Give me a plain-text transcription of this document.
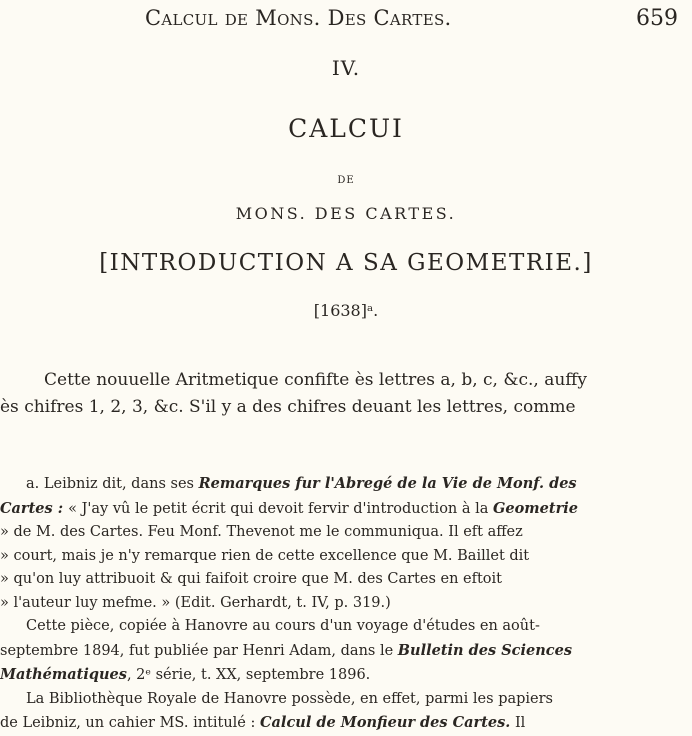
Calcul de Mons. Des Cartes.	659
IV.
CALCUI
DE
MONS. DES CARTES.
[INTRODUCTION A SA GEOMETRIE.]
[1638]ᵃ.
Cette nouuelle Aritmetique confifte ès lettres a, b, c, &c., auffy
ès chifres 1, 2, 3, &c. S'il y a des chifres deuant les lettres, comme
a. Leibniz dit, dans ses Remarques fur l'Abregé de la Vie de Monf. des
Cartes : « J'ay vû le petit écrit qui devoit fervir d'introduction à la Geometrie
» de M. des Cartes. Feu Monf. Thevenot me le communiqua. Il eft affez
» court, mais je n'y remarque rien de cette excellence que M. Baillet dit
» qu'on luy attribuoit & qui faifoit croire que M. des Cartes en eftoit
» l'auteur luy mefme. » (Edit. Gerhardt, t. IV, p. 319.)
Cette pièce, copiée à Hanovre au cours d'un voyage d'études en août-
septembre 1894, fut publiée par Henri Adam, dans le Bulletin des Sciences
Mathématiques, 2ᵉ série, t. XX, septembre 1896.
La Bibliothèque Royale de Hanovre possède, en effet, parmi les papiers
de Leibniz, un cahier MS. intitulé : Calcul de Monfieur des Cartes. Il
